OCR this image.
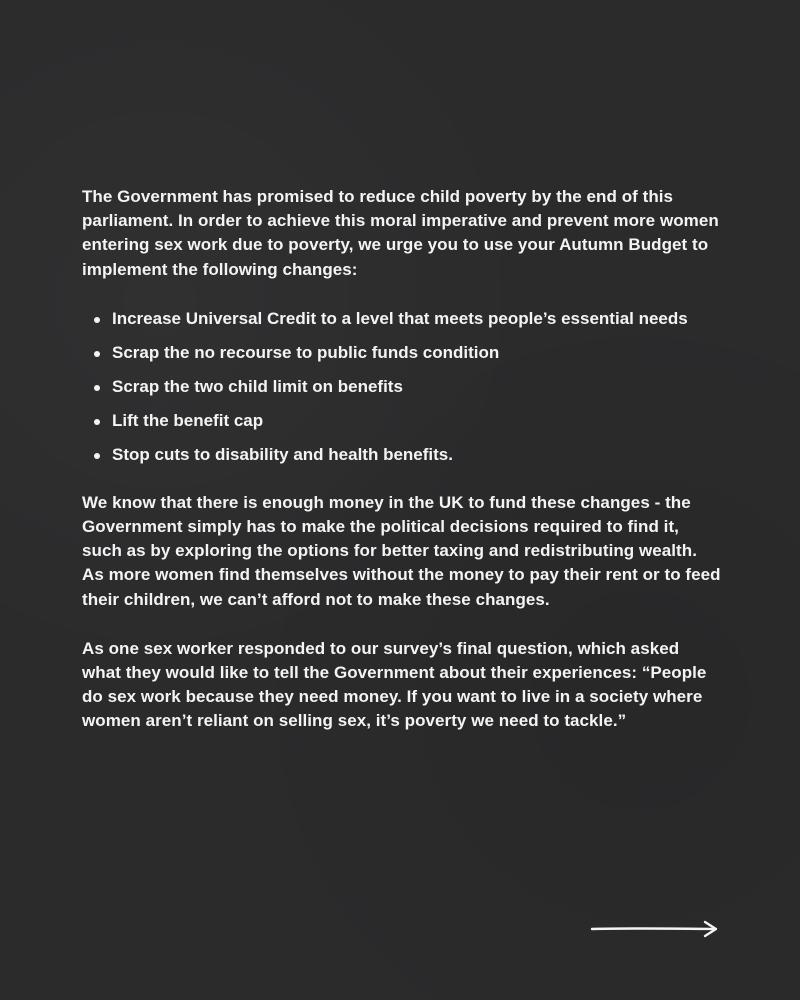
The Government has promised to reduce child poverty by the end of this parliament. In order to achieve this moral imperative and prevent more women entering sex work due to poverty, we urge you to use your Autumn Budget to implement the following changes:

Increase Universal Credit to a level that meets people’s essential needs
Scrap the no recourse to public funds condition
Scrap the two child limit on benefits
Lift the benefit cap
Stop cuts to disability and health benefits.

We know that there is enough money in the UK to fund these changes - the Government simply has to make the political decisions required to find it, such as by exploring the options for better taxing and redistributing wealth. As more women find themselves without the money to pay their rent or to feed their children, we can’t afford not to make these changes.

As one sex worker responded to our survey’s final question, which asked what they would like to tell the Government about their experiences: “People do sex work because they need money. If you want to live in a society where women aren’t reliant on selling sex, it’s poverty we need to tackle.”
